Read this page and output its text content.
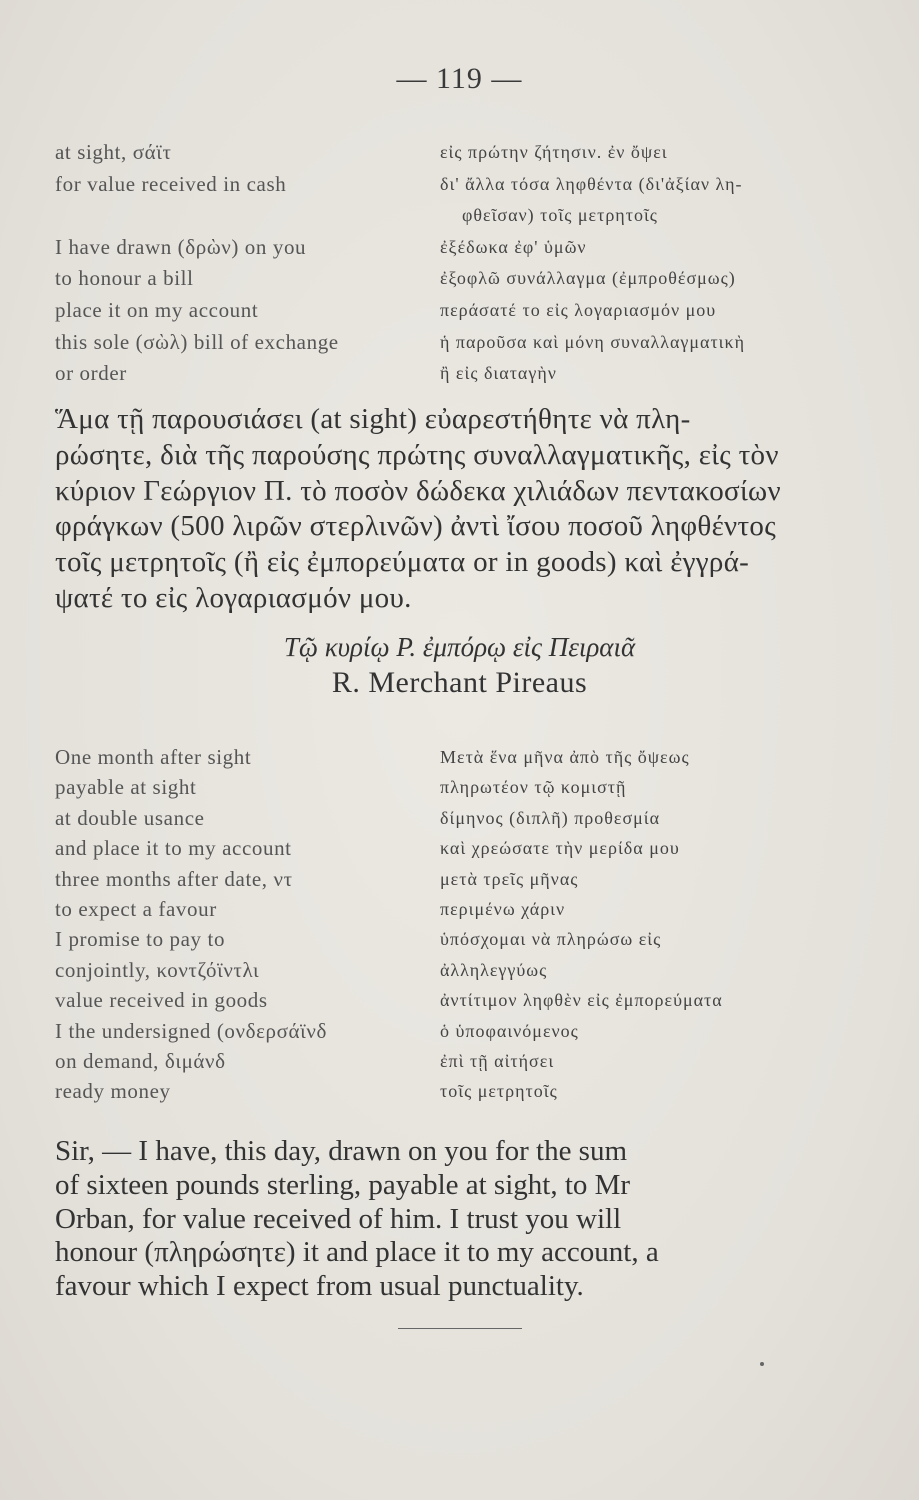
— 119 —
at sight, σάϊτ
for value received in cash
I have drawn (δρὼν) on you
to honour a bill
place it on my account
this sole (σὼλ) bill of exchange
or order
εἰς πρώτην ζήτησιν. ἐν ὄψει
δι' ἄλλα τόσα ληφθέντα (δι'ἀξίαν λη-
φθεῖσαν) τοῖς μετρητοῖς
ἐξέδωκα ἐφ' ὑμῶν
ἐξοφλῶ συνάλλαγμα (ἐμπροθέσμως)
περάσατέ το εἰς λογαριασμόν μου
ἡ παροῦσα καὶ μόνη συναλλαγματικὴ
ἢ εἰς διαταγὴν
Ἅμα τῇ παρουσιάσει (at sight) εὐαρεστήθητε νὰ πλη-
ρώσητε, διὰ τῆς παρούσης πρώτης συναλλαγματικῆς, εἰς τὸν
κύριον Γεώργιον Π. τὸ ποσὸν δώδεκα χιλιάδων πεντακοσίων
φράγκων (500 λιρῶν στερλινῶν) ἀντὶ ἴσου ποσοῦ ληφθέντος
τοῖς μετρητοῖς (ἢ εἰς ἐμπορεύματα or in goods) καὶ ἐγγρά-
ψατέ το εἰς λογαριασμόν μου.
Τῷ κυρίῳ Ρ. ἐμπόρῳ εἰς Πειραιᾶ
R. Merchant Pireaus
One month after sight
payable at sight
at double usance
and place it to my account
three months after date, ντ
to expect a favour
I promise to pay to
conjointly, κοντζόϊντλι
value received in goods
I the undersigned (ονδερσάϊνδ
on demand, διμάνδ
ready money
Μετὰ ἕνα μῆνα ἀπὸ τῆς ὄψεως
πληρωτέον τῷ κομιστῇ
δίμηνος (διπλῆ) προθεσμία
καὶ χρεώσατε τὴν μερίδα μου
μετὰ τρεῖς μῆνας
περιμένω χάριν
ὑπόσχομαι νὰ πληρώσω εἰς
ἀλληλεγγύως
ἀντίτιμον ληφθὲν εἰς ἐμπορεύματα
ὁ ὑποφαινόμενος
ἐπὶ τῇ αἰτήσει
τοῖς μετρητοῖς
Sir, — I have, this day, drawn on you for the sum
of sixteen pounds sterling, payable at sight, to Mr
Orban, for value received of him. I trust you will
honour (πληρώσητε) it and place it to my account, a
favour which I expect from usual punctuality.
